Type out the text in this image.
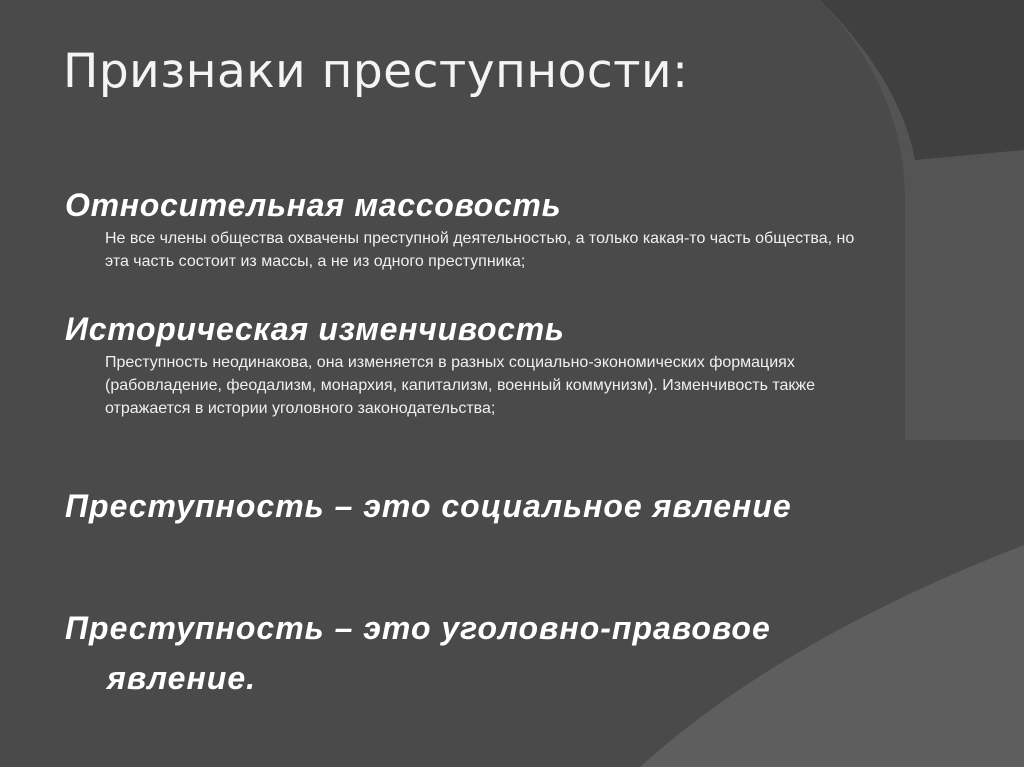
Признаки преступности:
Относительная массовость

Не все члены общества охвачены преступной деятельностью, а только какая-то часть общества, но эта часть состоит из массы, а не из одного преступника;

Историческая изменчивость

Преступность неодинакова, она изменяется в разных социально-экономических формациях (рабовладение, феодализм, монархия, капитализм, военный коммунизм). Изменчивость также отражается в истории уголовного законодательства;

Преступность – это социальное явление
Преступность – это уголовно-правовое явление.
